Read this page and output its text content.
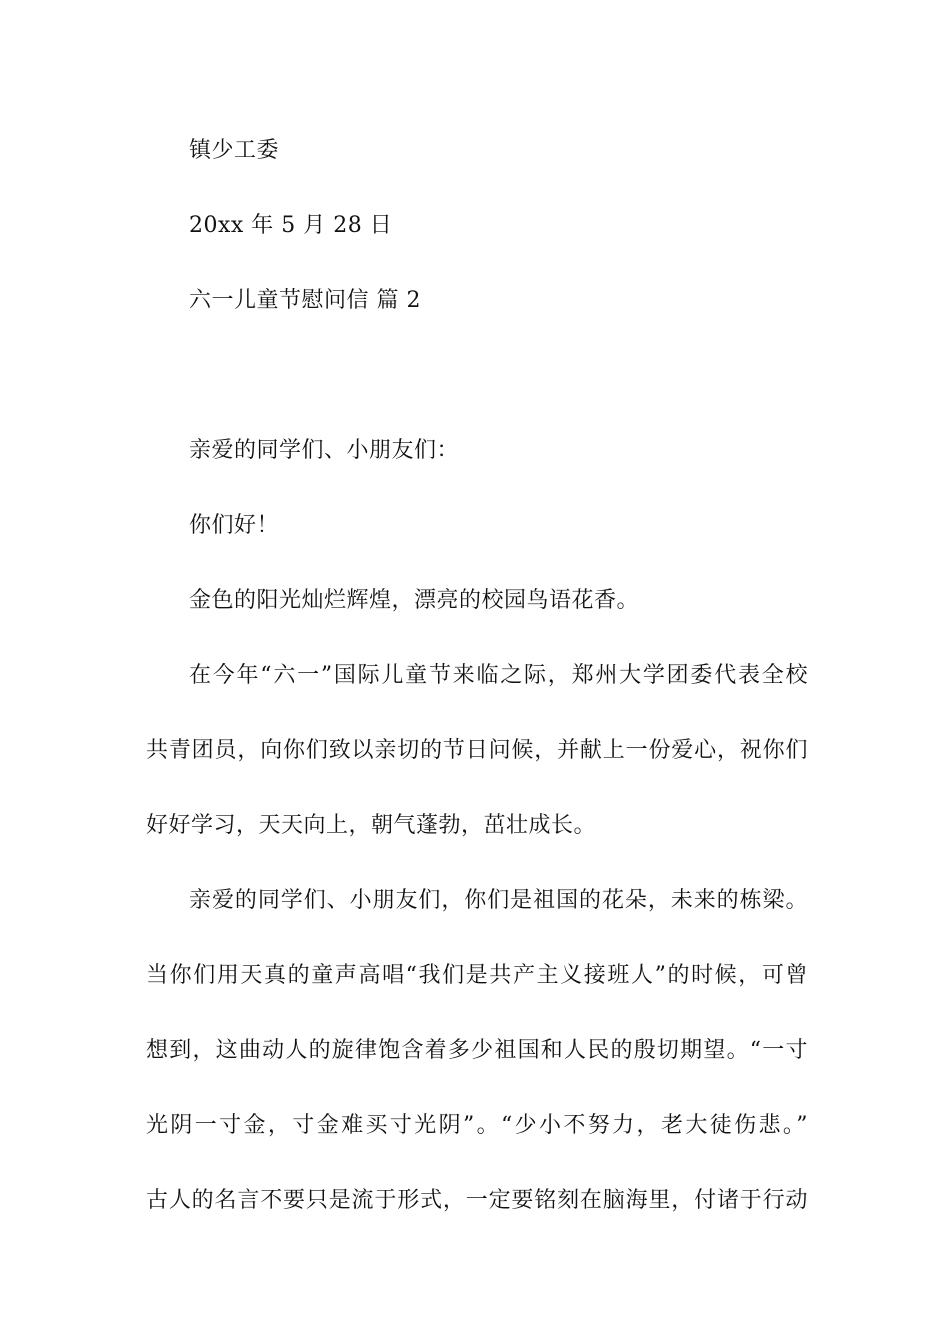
镇少工委
20xx 年 5 月 28 日
六一儿童节慰问信 篇 2
亲爱的同学们、小朋友们：
你们好！
金色的阳光灿烂辉煌，漂亮的校园鸟语花香。
在今年“六一”国际儿童节来临之际，郑州大学团委代表全校
共青团员，向你们致以亲切的节日问候，并献上一份爱心，祝你们
好好学习，天天向上，朝气蓬勃，茁壮成长。
亲爱的同学们、小朋友们，你们是祖国的花朵，未来的栋梁。
当你们用天真的童声高唱“我们是共产主义接班人”的时候，可曾
想到，这曲动人的旋律饱含着多少祖国和人民的殷切期望。“一寸
光阴一寸金，寸金难买寸光阴”。“少小不努力，老大徒伤悲。”
古人的名言不要只是流于形式，一定要铭刻在脑海里，付诸于行动
